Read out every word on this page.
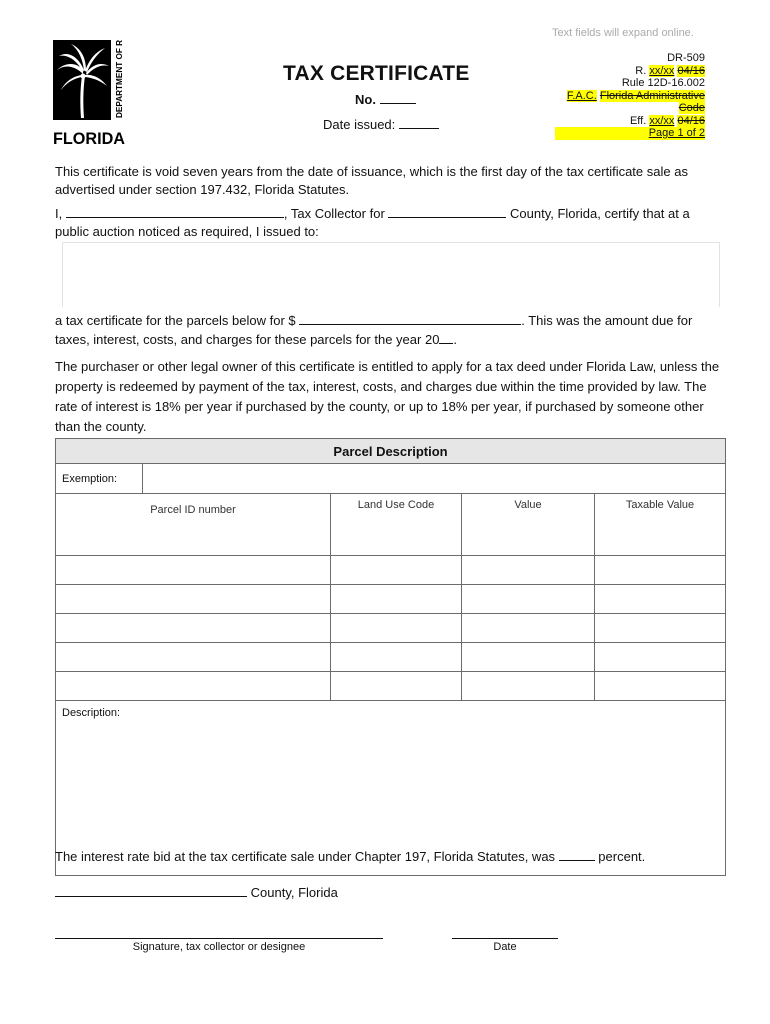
Text fields will expand online.
DEPARTMENT OF REVENUE
FLORIDA
TAX CERTIFICATE
No.
Date issued:
DR-509
R. xx/xx 04/16
Rule 12D-16.002
F.A.C. Florida Administrative Code
Eff. xx/xx 04/16
Page 1 of 2
This certificate is void seven years from the date of issuance, which is the first day of the tax certificate sale as advertised under section 197.432, Florida Statutes.
I,	, Tax Collector for	County, Florida, certify that at a public auction noticed as required, I issued to:
a tax certificate for the parcels below for $	. This was the amount due for taxes, interest, costs, and charges for these parcels for the year 20 .
The purchaser or other legal owner of this certificate is entitled to apply for a tax deed under Florida Law, unless the property is redeemed by payment of the tax, interest, costs, and charges due within the time provided by law. The rate of interest is 18% per year if purchased by the county, or up to 18% per year, if purchased by someone other than the county.
Parcel Description				
Exemption:				
Parcel ID number		Land Use Code	Value	Taxable Value

Description:				
The interest rate bid at the tax certificate sale under Chapter 197, Florida Statutes, was	percent.
County, Florida
Signature, tax collector or designee	Date
